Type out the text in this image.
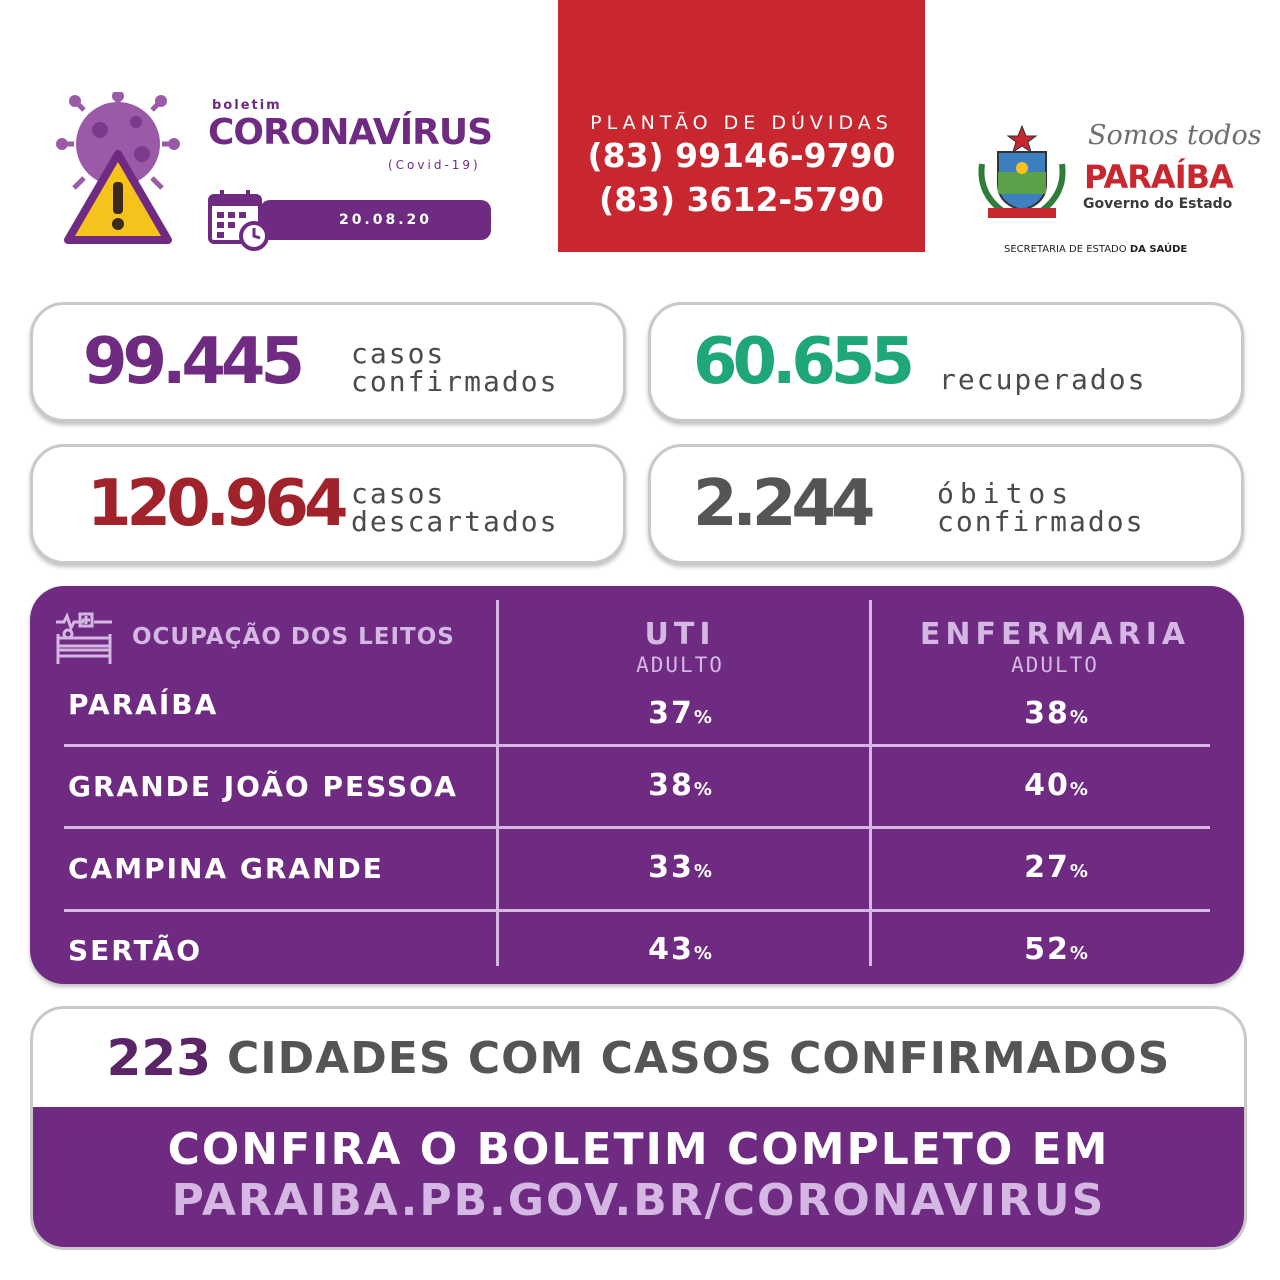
boletim
CORONAVÍRUS
(Covid-19)
20.08.20
PLANTÃO DE DÚVIDAS
(83) 99146-9790
(83) 3612-5790
Somos todos
PARAÍBA
Governo do Estado
SECRETARIA DE ESTADO DA SAÚDE
99.445 casos
confirmados 60.655 recuperados
120.964 casos
descartados 2.244 óbitos
confirmados
OCUPAÇÃO DOS LEITOS	UTI
ADULTO
ENFERMARIA
ADULTO
PARAÍBA	37%	38%
GRANDE JOÃO PESSOA	38%	40%
CAMPINA GRANDE	33%	27%
SERTÃO	43%	52%
223 CIDADES COM CASOS CONFIRMADOS
CONFIRA O BOLETIM COMPLETO EM
PARAIBA.PB.GOV.BR/CORONAVIRUS
